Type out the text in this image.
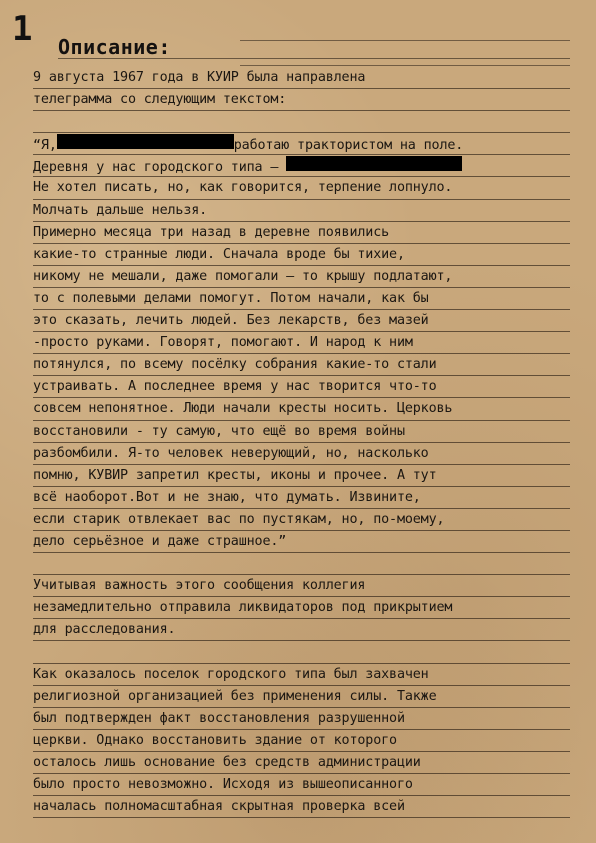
1 Описание:
9 августа 1967 года в КУИР была направлена
телеграмма со следующим текстом:
“Я,	работаю трактористом на поле.
Деревня у нас городского типа –
Не хотел писать, но, как говорится, терпение лопнуло.
Молчать дальше нельзя.
Примерно месяца три назад в деревне появились
какие-то странные люди. Сначала вроде бы тихие,
никому не мешали, даже помогали – то крышу подлатают,
то с полевыми делами помогут. Потом начали, как бы
это сказать, лечить людей. Без лекарств, без мазей
-просто руками. Говорят, помогают. И народ к ним
потянулся, по всему посёлку собрания какие-то стали
устраивать. А последнее время у нас творится что-то
совсем непонятное. Люди начали кресты носить. Церковь
восстановили - ту самую, что ещё во время войны
разбомбили. Я-то человек неверующий, но, насколько
помню, КУВИР запретил кресты, иконы и прочее. А тут
всё наоборот.Вот и не знаю, что думать. Извините,
если старик отвлекает вас по пустякам, но, по-моему,
дело серьёзное и даже страшное.”
Учитывая важность этого сообщения коллегия
незамедлительно отправила ликвидаторов под прикрытием
для расследования.
Как оказалось поселок городского типа был захвачен
религиозной организацией без применения силы. Также
был подтвержден факт восстановления разрушенной
церкви. Однако восстановить здание от которого
осталось лишь основание без средств администрации
было просто невозможно. Исходя из вышеописанного
началась полномасштабная скрытная проверка всей
